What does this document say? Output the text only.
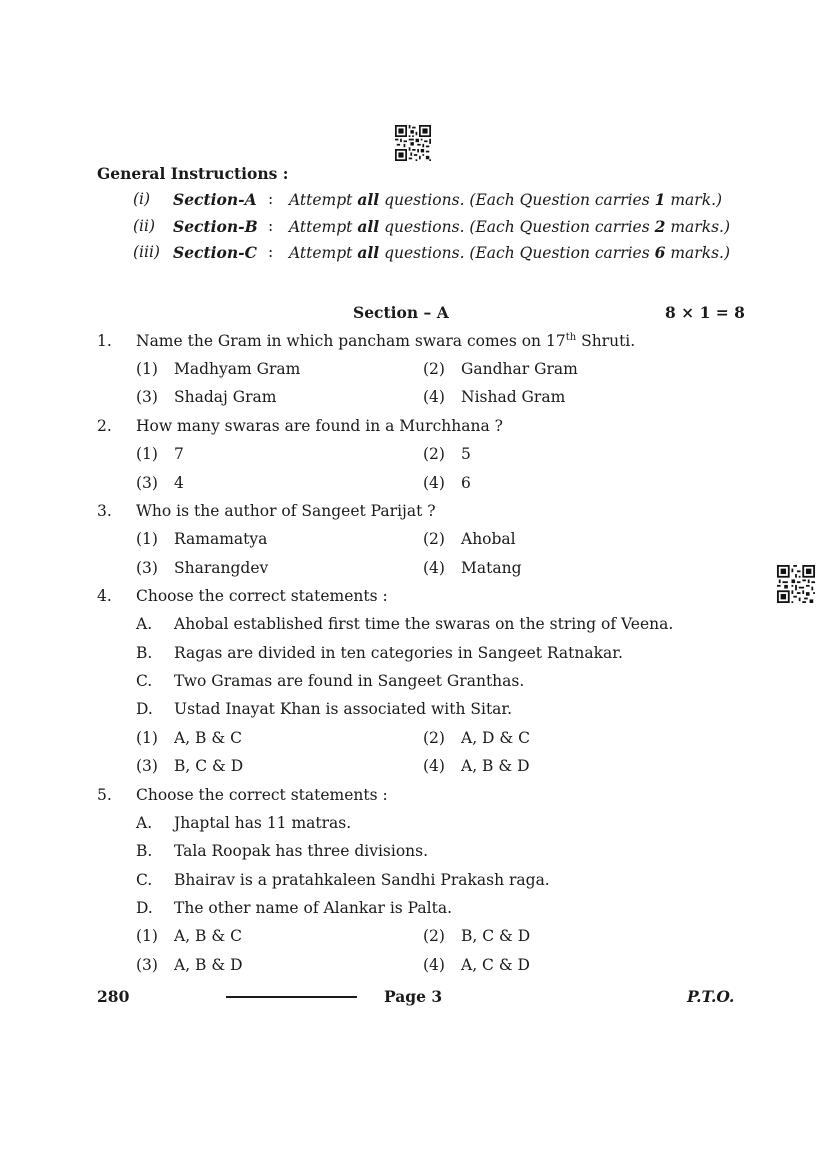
General Instructions :
(i) Section-A : Attempt all questions. (Each Question carries 1 mark.)
(ii) Section-B : Attempt all questions. (Each Question carries 2 marks.)
(iii) Section-C : Attempt all questions. (Each Question carries 6 marks.)
Section – A	8 × 1 = 8
1. Name the Gram in which pancham swara comes on 17th Shruti.
(1) Madhyam Gram	(2) Gandhar Gram
(3) Shadaj Gram	(4) Nishad Gram
2. How many swaras are found in a Murchhana ?
(1) 7	(2) 5
(3) 4	(4) 6
3. Who is the author of Sangeet Parijat ?
(1) Ramamatya	(2) Ahobal
(3) Sharangdev	(4) Matang
4. Choose the correct statements :
A. Ahobal established first time the swaras on the string of Veena.
B. Ragas are divided in ten categories in Sangeet Ratnakar.
C. Two Gramas are found in Sangeet Granthas.
D. Ustad Inayat Khan is associated with Sitar.
(1) A, B & C	(2) A, D & C
(3) B, C & D	(4) A, B & D
5. Choose the correct statements :
A. Jhaptal has 11 matras.
B. Tala Roopak has three divisions.
C. Bhairav is a pratahkaleen Sandhi Prakash raga.
D. The other name of Alankar is Palta.
(1) A, B & C	(2) B, C & D
(3) A, B & D	(4) A, C & D
280	Page 3	P.T.O.
